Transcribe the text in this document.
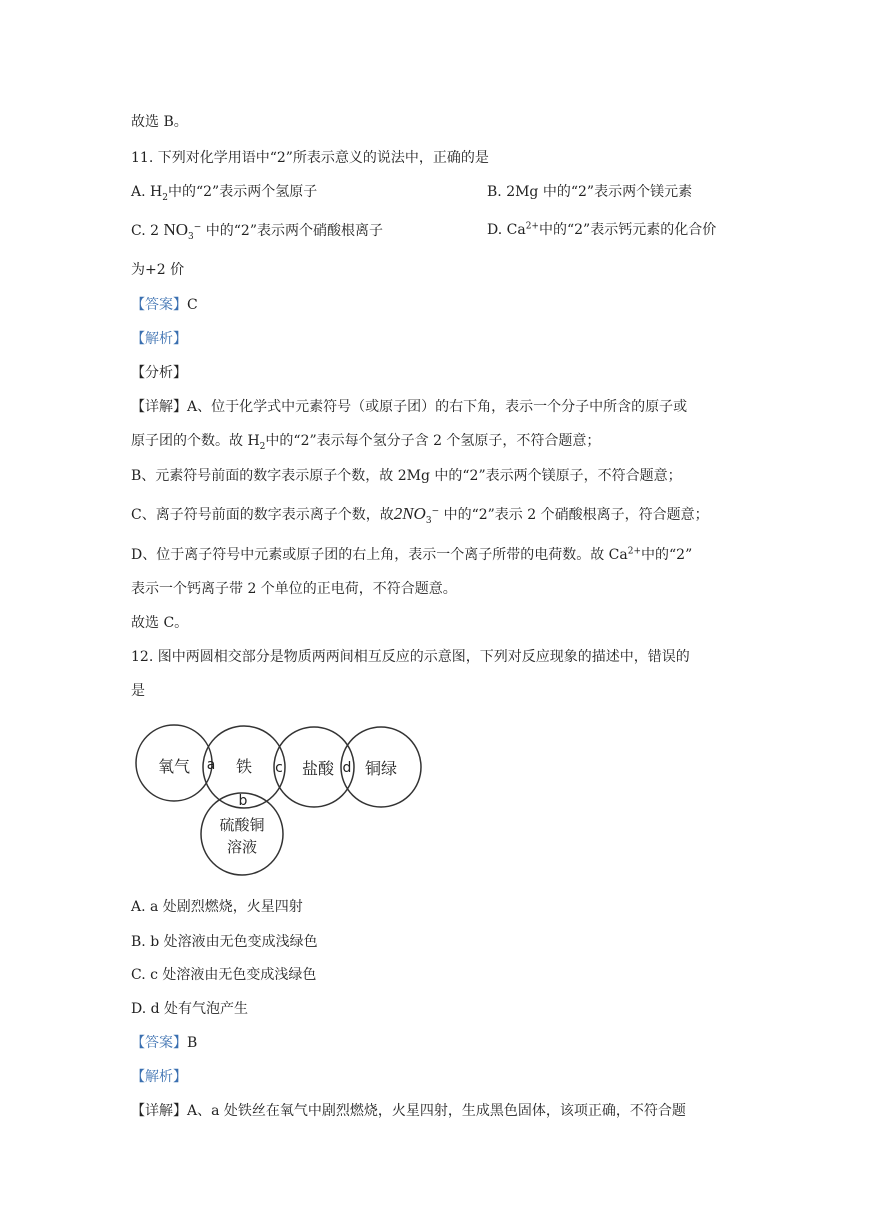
故选 B。
11. 下列对化学用语中“2”所表示意义的说法中，正确的是
A. $H_2$中的“2”表示两个氢原子	B. 2Mg 中的“2”表示两个镁元素
C. 2 $NO_3^-$ 中的“2”表示两个硝酸根离子	D. $Ca^{2+}$中的“2”表示钙元素的化合价
为+2 价
【答案】C
【解析】
【分析】
【详解】A、位于化学式中元素符号（或原子团）的右下角，表示一个分子中所含的原子或
原子团的个数。故 $H_2$中的“2”表示每个氢分子含 2 个氢原子，不符合题意；
B、元素符号前面的数字表示原子个数，故 2Mg 中的“2”表示两个镁原子，不符合题意；
C、离子符号前面的数字表示离子个数，故$2NO_3^-$ 中的“2”表示 2 个硝酸根离子，符合题意；
D、位于离子符号中元素或原子团的右上角，表示一个离子所带的电荷数。故 $Ca^{2+}$中的“2”
表示一个钙离子带 2 个单位的正电荷，不符合题意。
故选 C。
12. 图中两圆相交部分是物质两两间相互反应的示意图，下列对反应现象的描述中，错误的
是
氧气	铁	盐酸 铜绿
硫酸铜
溶液
a
b
c	d
A. a 处剧烈燃烧，火星四射
B. b 处溶液由无色变成浅绿色
C. c 处溶液由无色变成浅绿色
D. d 处有气泡产生
【答案】B
【解析】
【详解】A、a 处铁丝在氧气中剧烈燃烧，火星四射，生成黑色固体，该项正确，不符合题
